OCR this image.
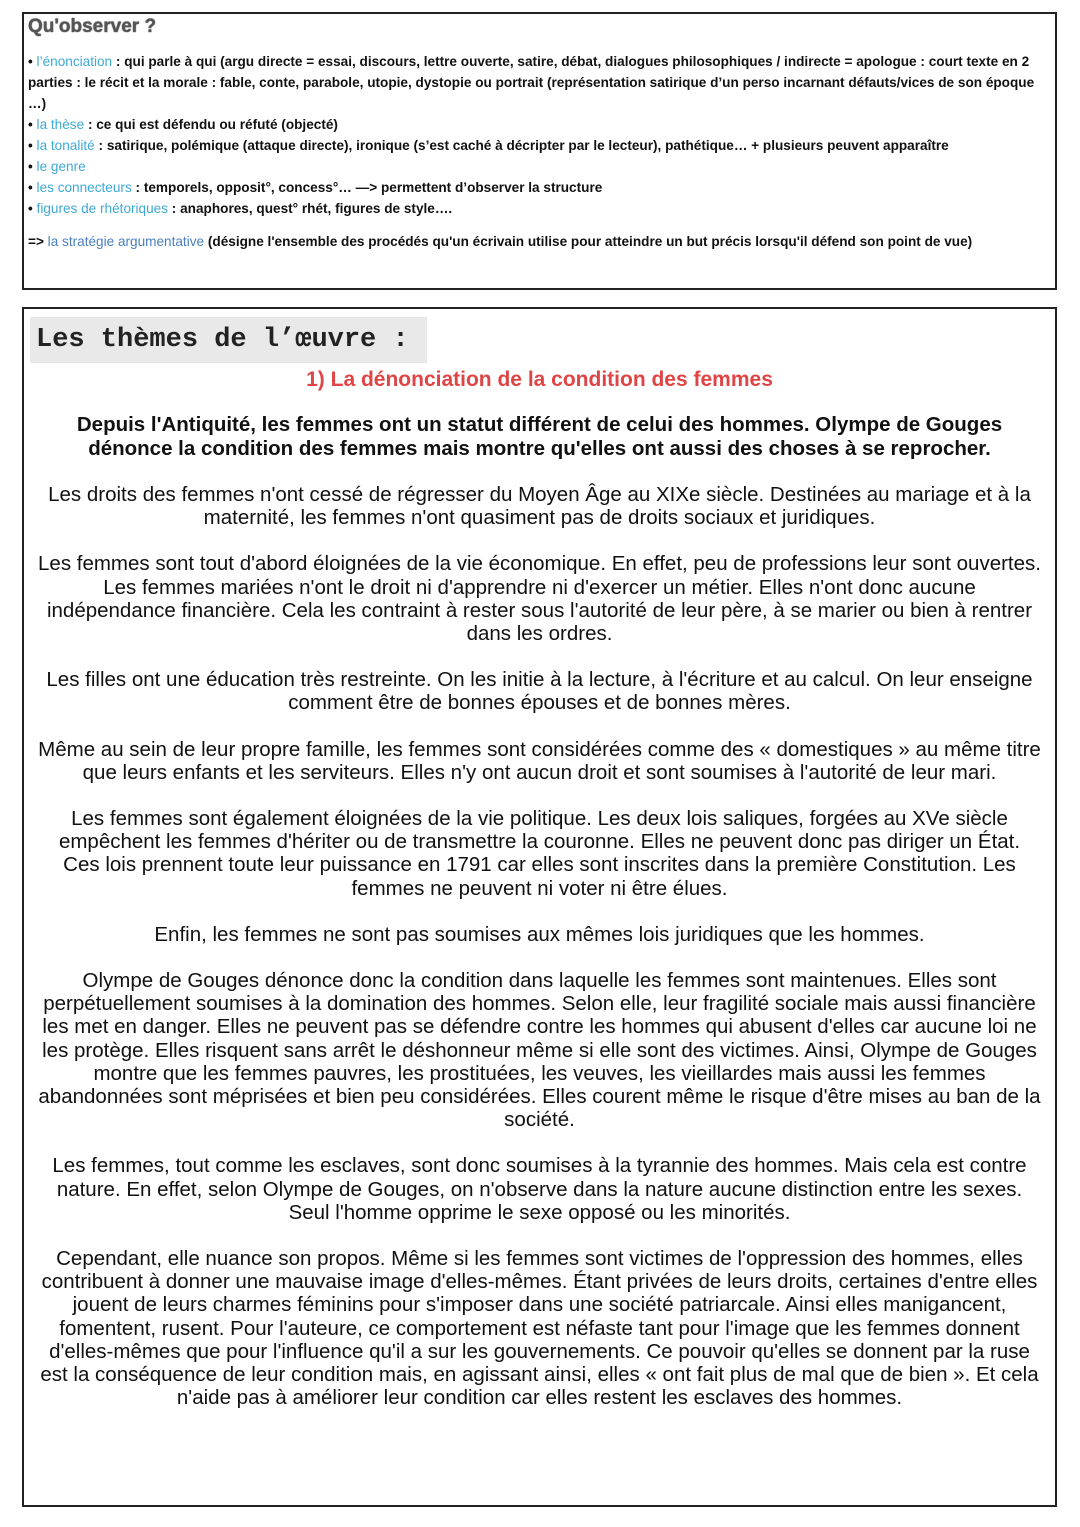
Qu'observer ?

• l’énonciation : qui parle à qui (argu directe = essai, discours, lettre ouverte, satire, débat, dialogues philosophiques / indirecte = apologue : court texte en 2 parties : le récit et la morale : fable, conte, parabole, utopie, dystopie ou portrait (représentation satirique d’un perso incarnant défauts/vices de son époque …)

• la thèse : ce qui est défendu ou réfuté (objecté)

• la tonalité : satirique, polémique (attaque directe), ironique (s’est caché à décripter par le lecteur), pathétique… + plusieurs peuvent apparaître

• le genre

• les connecteurs : temporels, opposit°, concess°… —> permettent d’observer la structure

• figures de rhétoriques : anaphores, quest° rhét, figures de style….

=> la stratégie argumentative (désigne l'ensemble des procédés qu'un écrivain utilise pour atteindre un but précis lorsqu'il défend son point de vue)

Les thèmes de l’œuvre :
1) La dénonciation de la condition des femmes

Depuis l'Antiquité, les femmes ont un statut différent de celui des hommes. Olympe de Gouges dénonce la condition des femmes mais montre qu'elles ont aussi des choses à se reprocher.

Les droits des femmes n'ont cessé de régresser du Moyen Âge au XIXe siècle. Destinées au mariage et à la maternité, les femmes n'ont quasiment pas de droits sociaux et juridiques.

Les femmes sont tout d'abord éloignées de la vie économique. En effet, peu de professions leur sont ouvertes. Les femmes mariées n'ont le droit ni d'apprendre ni d'exercer un métier. Elles n'ont donc aucune indépendance financière. Cela les contraint à rester sous l'autorité de leur père, à se marier ou bien à rentrer dans les ordres.

Les filles ont une éducation très restreinte. On les initie à la lecture, à l'écriture et au calcul. On leur enseigne comment être de bonnes épouses et de bonnes mères.

Même au sein de leur propre famille, les femmes sont considérées comme des « domestiques » au même titre que leurs enfants et les serviteurs. Elles n'y ont aucun droit et sont soumises à l'autorité de leur mari.

Les femmes sont également éloignées de la vie politique. Les deux lois saliques, forgées au XVe siècle empêchent les femmes d'hériter ou de transmettre la couronne. Elles ne peuvent donc pas diriger un État. Ces lois prennent toute leur puissance en 1791 car elles sont inscrites dans la première Constitution. Les femmes ne peuvent ni voter ni être élues.

Enfin, les femmes ne sont pas soumises aux mêmes lois juridiques que les hommes.

Olympe de Gouges dénonce donc la condition dans laquelle les femmes sont maintenues. Elles sont perpétuellement soumises à la domination des hommes. Selon elle, leur fragilité sociale mais aussi financière les met en danger. Elles ne peuvent pas se défendre contre les hommes qui abusent d'elles car aucune loi ne les protège. Elles risquent sans arrêt le déshonneur même si elle sont des victimes. Ainsi, Olympe de Gouges montre que les femmes pauvres, les prostituées, les veuves, les vieillardes mais aussi les femmes abandonnées sont méprisées et bien peu considérées. Elles courent même le risque d'être mises au ban de la société.

Les femmes, tout comme les esclaves, sont donc soumises à la tyrannie des hommes. Mais cela est contre nature. En effet, selon Olympe de Gouges, on n'observe dans la nature aucune distinction entre les sexes. Seul l'homme opprime le sexe opposé ou les minorités.

Cependant, elle nuance son propos. Même si les femmes sont victimes de l'oppression des hommes, elles contribuent à donner une mauvaise image d'elles-mêmes. Étant privées de leurs droits, certaines d'entre elles jouent de leurs charmes féminins pour s'imposer dans une société patriarcale. Ainsi elles manigancent, fomentent, rusent. Pour l'auteure, ce comportement est néfaste tant pour l'image que les femmes donnent d'elles-mêmes que pour l'influence qu'il a sur les gouvernements. Ce pouvoir qu'elles se donnent par la ruse est la conséquence de leur condition mais, en agissant ainsi, elles « ont fait plus de mal que de bien ». Et cela n'aide pas à améliorer leur condition car elles restent les esclaves des hommes.
